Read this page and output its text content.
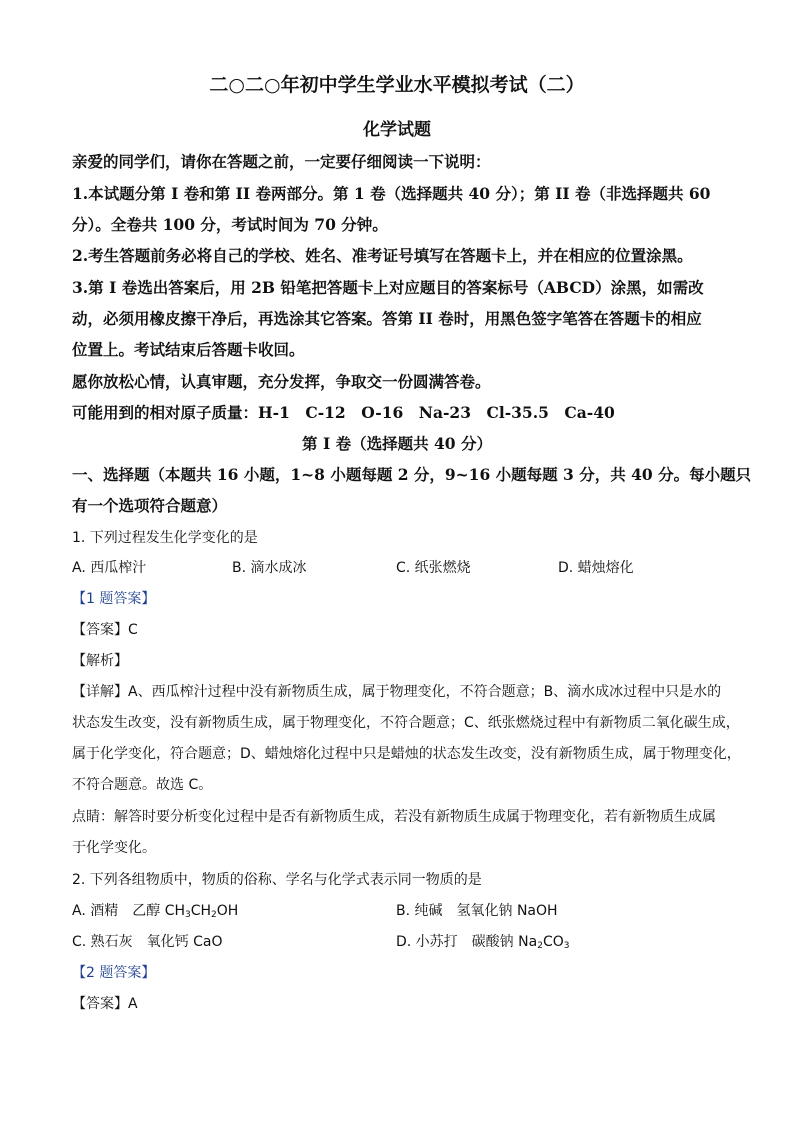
二○二○年初中学生学业水平模拟考试（二）
化学试题
亲爱的同学们，请你在答题之前，一定要仔细阅读一下说明：
1.本试题分第 I 卷和第 II 卷两部分。第 1 卷（选择题共 40 分）；第 II 卷（非选择题共 60
分）。全卷共 100 分，考试时间为 70 分钟。
2.考生答题前务必将自己的学校、姓名、准考证号填写在答题卡上，并在相应的位置涂黑。
3.第 I 卷选出答案后，用 2B 铅笔把答题卡上对应题目的答案标号（ABCD）涂黑，如需改
动，必须用橡皮擦干净后，再选涂其它答案。答第 II 卷时，用黑色签字笔答在答题卡的相应
位置上。考试结束后答题卡收回。
愿你放松心情，认真审题，充分发挥，争取交一份圆满答卷。
可能用到的相对原子质量：H-1　C-12　O-16　Na-23　Cl-35.5　Ca-40
第 I 卷（选择题共 40 分）
一、选择题（本题共 16 小题，1~8 小题每题 2 分，9~16 小题每题 3 分，共 40 分。每小题只
有一个选项符合题意）
1. 下列过程发生化学变化的是
A. 西瓜榨汁	B. 滴水成冰	C. 纸张燃烧	D. 蜡烛熔化
【1 题答案】
【答案】C
【解析】
【详解】A、西瓜榨汁过程中没有新物质生成，属于物理变化，不符合题意；B、滴水成冰过程中只是水的
状态发生改变，没有新物质生成，属于物理变化，不符合题意；C、纸张燃烧过程中有新物质二氧化碳生成，
属于化学变化，符合题意；D、蜡烛熔化过程中只是蜡烛的状态发生改变，没有新物质生成，属于物理变化，
不符合题意。故选 C。
点睛：解答时要分析变化过程中是否有新物质生成，若没有新物质生成属于物理变化，若有新物质生成属
于化学变化。
2. 下列各组物质中，物质的俗称、学名与化学式表示同一物质的是
A. 酒精　乙醇 $CH_3CH_2OH$	B. 纯碱　氢氧化钠 NaOH
C. 熟石灰　氧化钙 CaO	D. 小苏打　碳酸钠 $Na_2CO_3$
【2 题答案】
【答案】A
